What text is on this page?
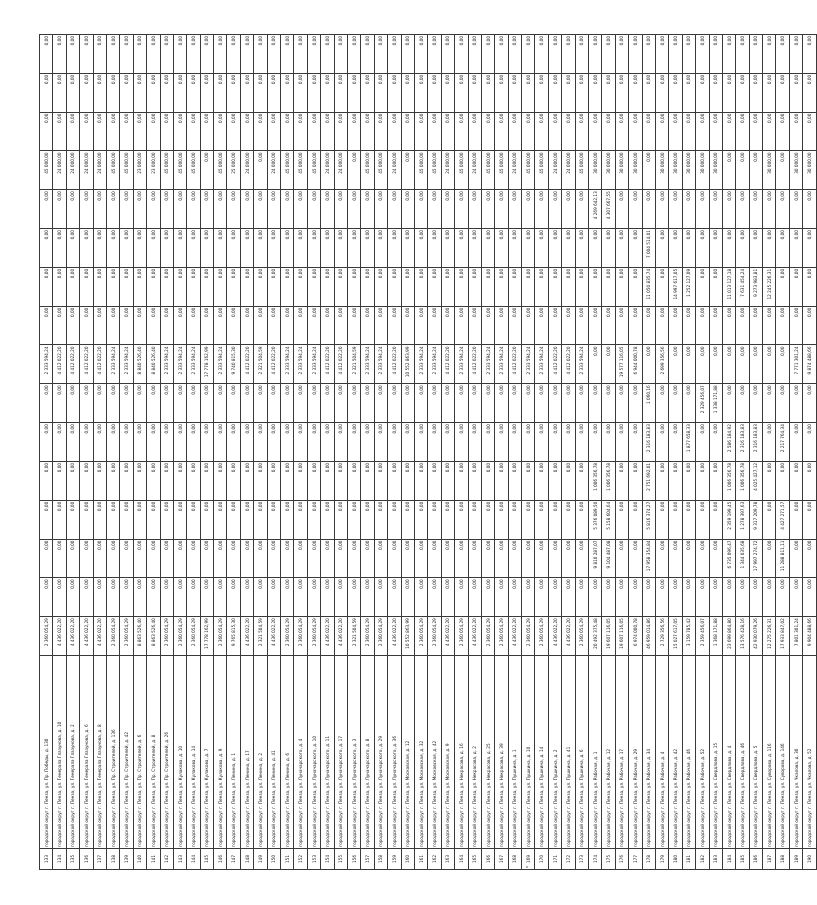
133	городской округ г. Пенза, ул. Пр. Победы, д. 130	2 360 054,29	0,00	0,00	0,00	0,00	0,00	0,00	2 333 594,24	0,00	0,00	0,00	0,00	45 000,00	0,00	0,00	0,00
134	городской округ г. Пенза, ул. Генерала Глазунова, д. 10	4 436 022,20	0,00	0,00	0,00	0,00	0,00	0,00	4 412 022,20	0,00	0,00	0,00	0,00	24 000,00	0,00	0,00	0,00
135	городской округ г. Пенза, ул. Генерала Глазунова, д. 2	4 436 022,20	0,00	0,00	0,00	0,00	0,00	0,00	4 412 022,20	0,00	0,00	0,00	0,00	24 000,00	0,00	0,00	0,00
136	городской округ г. Пенза, ул. Генерала Глазунова, д. 6	4 436 022,20	0,00	0,00	0,00	0,00	0,00	0,00	4 412 022,20	0,00	0,00	0,00	0,00	24 000,00	0,00	0,00	0,00
137	городской округ г. Пенза, ул. Генерала Глазунова, д. 8	4 436 022,20	0,00	0,00	0,00	0,00	0,00	0,00	4 412 022,20	0,00	0,00	0,00	0,00	24 000,00	0,00	0,00	0,00
138	городской округ г. Пенза, ул. Пр. Строителей, д. 136	2 360 054,29	0,00	0,00	0,00	0,00	0,00	0,00	2 333 594,24	0,00	0,00	0,00	0,00	45 000,00	0,00	0,00	0,00
139	городской округ г. Пенза, ул. Пр. Строителей, д. 42	2 360 054,29	0,00	0,00	0,00	0,00	0,00	0,00	2 333 594,24	0,00	0,00	0,00	0,00	45 000,00	0,00	0,00	0,00
140	городской округ г. Пенза, ул. Пр. Строителей, д. 6	8 863 526,40	0,00	0,00	0,00	0,00	0,00	0,00	8 840 526,40	0,00	0,00	0,00	0,00	23 000,00	0,00	0,00	0,00
141	городской округ г. Пенза, ул. Пр. Строителей, д. 8	8 863 526,40	0,00	0,00	0,00	0,00	0,00	0,00	8 840 526,40	0,00	0,00	0,00	0,00	23 000,00	0,00	0,00	0,00
142	городской округ г. Пенза, ул. Пр. Строителей, д. 26	2 360 054,29	0,00	0,00	0,00	0,00	0,00	0,00	2 333 594,24	0,00	0,00	0,00	0,00	45 000,00	0,00	0,00	0,00
143	городской округ г. Пенза, ул. Кулакова, д. 10	2 360 054,29	0,00	0,00	0,00	0,00	0,00	0,00	2 333 594,24	0,00	0,00	0,00	0,00	45 000,00	0,00	0,00	0,00
144	городской округ г. Пенза, ул. Кулакова, д. 14	2 360 054,29	0,00	0,00	0,00	0,00	0,00	0,00	2 333 594,24	0,00	0,00	0,00	0,00	45 000,00	0,00	0,00	0,00
145	городской округ г. Пенза, ул. Кулакова, д. 7	17 778 162,99	0,00	0,00	0,00	0,00	0,00	0,00	17 778 162,99	0,00	0,00	0,00	0,00	0,00	0,00	0,00	0,00
146	городской округ г. Пенза, ул. Кулакова, д. 9	2 360 054,29	0,00	0,00	0,00	0,00	0,00	0,00	2 333 594,24	0,00	0,00	0,00	0,00	45 000,00	0,00	0,00	0,00
147	городской округ г. Пенза, ул. Ленина, д. 1	9 765 815,30	0,00	0,00	0,00	0,00	0,00	0,00	9 740 815,30	0,00	0,00	0,00	0,00	25 000,00	0,00	0,00	0,00
148	городской округ г. Пенза, ул. Ленина, д. 17	4 436 022,20	0,00	0,00	0,00	0,00	0,00	0,00	4 412 022,20	0,00	0,00	0,00	0,00	24 000,00	0,00	0,00	0,00
149	городской округ г. Пенза, ул. Ленина, д. 2	2 321 504,59	0,00	0,00	0,00	0,00	0,00	0,00	2 321 504,59	0,00	0,00	0,00	0,00	0,00	0,00	0,00	0,00
150	городской округ г. Пенза, ул. Ленина, д. 41	4 436 022,20	0,00	0,00	0,00	0,00	0,00	0,00	4 412 022,20	0,00	0,00	0,00	0,00	24 000,00	0,00	0,00	0,00
151	городской округ г. Пенза, ул. Ленина, д. 6	2 360 054,29	0,00	0,00	0,00	0,00	0,00	0,00	2 333 594,24	0,00	0,00	0,00	0,00	45 000,00	0,00	0,00	0,00
152	городской округ г. Пенза, ул. Луначарского, д. 4	2 360 054,29	0,00	0,00	0,00	0,00	0,00	0,00	2 333 594,24	0,00	0,00	0,00	0,00	45 000,00	0,00	0,00	0,00
153	городской округ г. Пенза, ул. Луначарского, д. 10	2 360 054,29	0,00	0,00	0,00	0,00	0,00	0,00	2 333 594,24	0,00	0,00	0,00	0,00	45 000,00	0,00	0,00	0,00
154	городской округ г. Пенза, ул. Луначарского, д. 11	4 436 022,20	0,00	0,00	0,00	0,00	0,00	0,00	4 412 022,20	0,00	0,00	0,00	0,00	24 000,00	0,00	0,00	0,00
155	городской округ г. Пенза, ул. Луначарского, д. 17	4 436 022,20	0,00	0,00	0,00	0,00	0,00	0,00	4 412 022,20	0,00	0,00	0,00	0,00	24 000,00	0,00	0,00	0,00
156	городской округ г. Пенза, ул. Луначарского, д. 3	2 321 504,59	0,00	0,00	0,00	0,00	0,00	0,00	2 321 504,59	0,00	0,00	0,00	0,00	0,00	0,00	0,00	0,00
157	городской округ г. Пенза, ул. Луначарского, д. 8	2 360 054,29	0,00	0,00	0,00	0,00	0,00	0,00	2 333 594,24	0,00	0,00	0,00	0,00	45 000,00	0,00	0,00	0,00
158	городской округ г. Пенза, ул. Луначарского, д. 29	2 360 054,29	0,00	0,00	0,00	0,00	0,00	0,00	2 333 594,24	0,00	0,00	0,00	0,00	45 000,00	0,00	0,00	0,00
159	городской округ г. Пенза, ул. Луначарского, д. 36	4 436 022,20	0,00	0,00	0,00	0,00	0,00	0,00	4 412 022,20	0,00	0,00	0,00	0,00	24 000,00	0,00	0,00	0,00
160	городской округ г. Пенза, ул. Московская, д. 12	10 552 863,99	0,00	0,00	0,00	0,00	0,00	0,00	10 552 863,99	0,00	0,00	0,00	0,00	0,00	0,00	0,00	0,00
161	городской округ г. Пенза, ул. Московская, д. 32	2 360 054,29	0,00	0,00	0,00	0,00	0,00	0,00	2 333 594,24	0,00	0,00	0,00	0,00	45 000,00	0,00	0,00	0,00
162	городской округ г. Пенза, ул. Московская, д. 42	2 360 054,29	0,00	0,00	0,00	0,00	0,00	0,00	2 333 594,24	0,00	0,00	0,00	0,00	45 000,00	0,00	0,00	0,00
163	городской округ г. Пенза, ул. Московская, д. 9	4 436 022,20	0,00	0,00	0,00	0,00	0,00	0,00	4 412 022,20	0,00	0,00	0,00	0,00	24 000,00	0,00	0,00	0,00
164	городской округ г. Пенза, ул. Некрасова, д. 16	2 360 054,29	0,00	0,00	0,00	0,00	0,00	0,00	2 333 594,24	0,00	0,00	0,00	0,00	45 000,00	0,00	0,00	0,00
165	городской округ г. Пенза, ул. Некрасова, д. 2	4 436 022,20	0,00	0,00	0,00	0,00	0,00	0,00	4 412 022,20	0,00	0,00	0,00	0,00	24 000,00	0,00	0,00	0,00
166	городской округ г. Пенза, ул. Некрасова, д. 25	2 360 054,29	0,00	0,00	0,00	0,00	0,00	0,00	2 333 594,24	0,00	0,00	0,00	0,00	45 000,00	0,00	0,00	0,00
167	городской округ г. Пенза, ул. Некрасова, д. 39	2 360 054,29	0,00	0,00	0,00	0,00	0,00	0,00	2 333 594,24	0,00	0,00	0,00	0,00	45 000,00	0,00	0,00	0,00
168	городской округ г. Пенза, ул. Пушкина, д. 1	4 436 022,20	0,00	0,00	0,00	0,00	0,00	0,00	4 412 022,20	0,00	0,00	0,00	0,00	24 000,00	0,00	0,00	0,00
169	городской округ г. Пенза, ул. Пушкина, д. 10	2 360 054,29	0,00	0,00	0,00	0,00	0,00	0,00	2 333 594,24	0,00	0,00	0,00	0,00	45 000,00	0,00	0,00	0,00
170	городской округ г. Пенза, ул. Пушкина, д. 14	2 360 054,29	0,00	0,00	0,00	0,00	0,00	0,00	2 333 594,24	0,00	0,00	0,00	0,00	45 000,00	0,00	0,00	0,00
171	городской округ г. Пенза, ул. Пушкина, д. 2	4 436 022,20	0,00	0,00	0,00	0,00	0,00	0,00	4 412 022,20	0,00	0,00	0,00	0,00	24 000,00	0,00	0,00	0,00
172	городской округ г. Пенза, ул. Пушкина, д. 41	4 436 022,20	0,00	0,00	0,00	0,00	0,00	0,00	4 412 022,20	0,00	0,00	0,00	0,00	24 000,00	0,00	0,00	0,00
173	городской округ г. Пенза, ул. Пушкина, д. 6	2 360 054,29	0,00	0,00	0,00	0,00	0,00	0,00	2 333 594,24	0,00	0,00	0,00	0,00	45 000,00	0,00	0,00	0,00
174	городской округ г. Пенза, ул. Рабочая, д. 1	20 492 375,48	0,00	9 810 287,07	5 376 089,50	1 006 356,78	0,00	0,00	0,00	0,00	0,00	0,00	4 269 642,13	30 000,00	0,00	0,00	0,00
175	городской округ г. Пенза, ул. Рабочая, д. 12	19 607 116,05	0,00	9 104 487,08	5 158 604,64	1 006 356,78	0,00	0,00	0,00	0,00	0,00	0,00	4 307 667,55	30 000,00	0,00	0,00	0,00
176	городской округ г. Пенза, ул. Рабочая, д. 17	19 607 116,05	0,00	0,00	0,00	0,00	0,00	0,00	19 577 116,05	0,00	0,00	0,00	0,00	30 000,00	0,00	0,00	0,00
177	городской округ г. Пенза, ул. Рабочая, д. 29	6 974 000,78	0,00	0,00	0,00	0,00	0,00	0,00	6 944 000,78	0,00	0,00	0,00	0,00	30 000,00	0,00	0,00	0,00
178	городской округ г. Пенза, ул. Рабочая, д. 34	46 959 014,86	0,00	17 958 354,84	5 816 374,27	2 751 692,01	2 316 183,83	1 060,16	0,00	0,00	11 050 835,74	7 004 514,01	0,00	0,00	0,00	0,00	0,00
179	городской округ г. Пенза, ул. Рабочая, д. 4	2 729 356,56	0,00	0,00	0,00	0,00	0,00	0,00	2 699 356,56	0,00	0,00	0,00	0,00	30 000,00	0,00	0,00	0,00
180	городской округ г. Пенза, ул. Рабочая, д. 42	15 027 617,05	0,00	0,00	0,00	0,00	0,00	0,00	0,00	0,00	14 997 617,05	0,00	0,00	30 000,00	0,00	0,00	0,00
181	городской округ г. Пенза, ул. Рабочая, д. 46	3 159 785,42	0,00	0,00	0,00	0,00	1 877 658,33	0,00	0,00	0,00	1 252 127,09	0,00	0,00	30 000,00	0,00	0,00	0,00
182	городской округ г. Пенза, ул. Рабочая, д. 52	2 359 456,07	0,00	0,00	0,00	0,00	0,00	2 329 456,07	0,00	0,00	0,00	0,00	0,00	30 000,00	0,00	0,00	0,00
183	городской округ г. Пенза, ул. Свердлова, д. 15	1 368 171,88	0,00	0,00	0,00	0,00	0,00	1 338 171,88	0,00	0,00	0,00	0,00	0,00	30 000,00	0,00	0,00	0,00
184	городской округ г. Пенза, ул. Свердлова, д. 4	23 699 864,80	0,00	6 735 096,47	2 359 199,45	1 006 356,78	2 586 184,92	0,00	0,00	0,00	11 013 127,18	0,00	0,00	0,00	0,00	0,00	0,00
185	городской округ г. Пенза, ул. Свердлова, д. 46	13 576 428,16	0,00	1 344 035,68	1 278 397,63	1 006 356,78	2 316 183,83	0,00	0,00	0,00	7 631 454,24	0,00	0,00	0,00	0,00	0,00	0,00
186	городской округ г. Пенза, ул. Свердлова, д. 5	42 930 079,26	0,00	17 997 274,72	9 317 209,78	4 025 427,12	2 316 183,83	0,00	0,00	0,00	9 273 983,81	0,00	0,00	0,00	0,00	0,00	0,00
187	городской округ г. Пенза, ул. Суворова, д. 116	12 275 226,31	0,00	0,00	0,00	0,00	0,00	0,00	0,00	0,00	12 245 226,31	0,00	0,00	30 000,00	0,00	0,00	0,00
188	городской округ г. Пенза, ул. Суворова, д. 146	17 933 847,02	0,00	11 288 811,11	4 427 271,57	0,00	2 217 764,34	0,00	0,00	0,00	0,00	0,00	0,00	0,00	0,00	0,00	0,00
189	городской округ г. Пенза, ул. Чкалова, д. 30	7 801 301,24	0,00	0,00	0,00	0,00	0,00	0,00	7 771 301,24	0,00	0,00	0,00	0,00	30 000,00	0,00	0,00	0,00
190	городской округ г. Пенза, ул. Чкалова, д. 52	9 904 488,66	0,00	0,00	0,00	0,00	0,00	0,00	9 874 488,66	0,00	0,00	0,00	0,00	30 000,00	0,00	0,00	0,00
